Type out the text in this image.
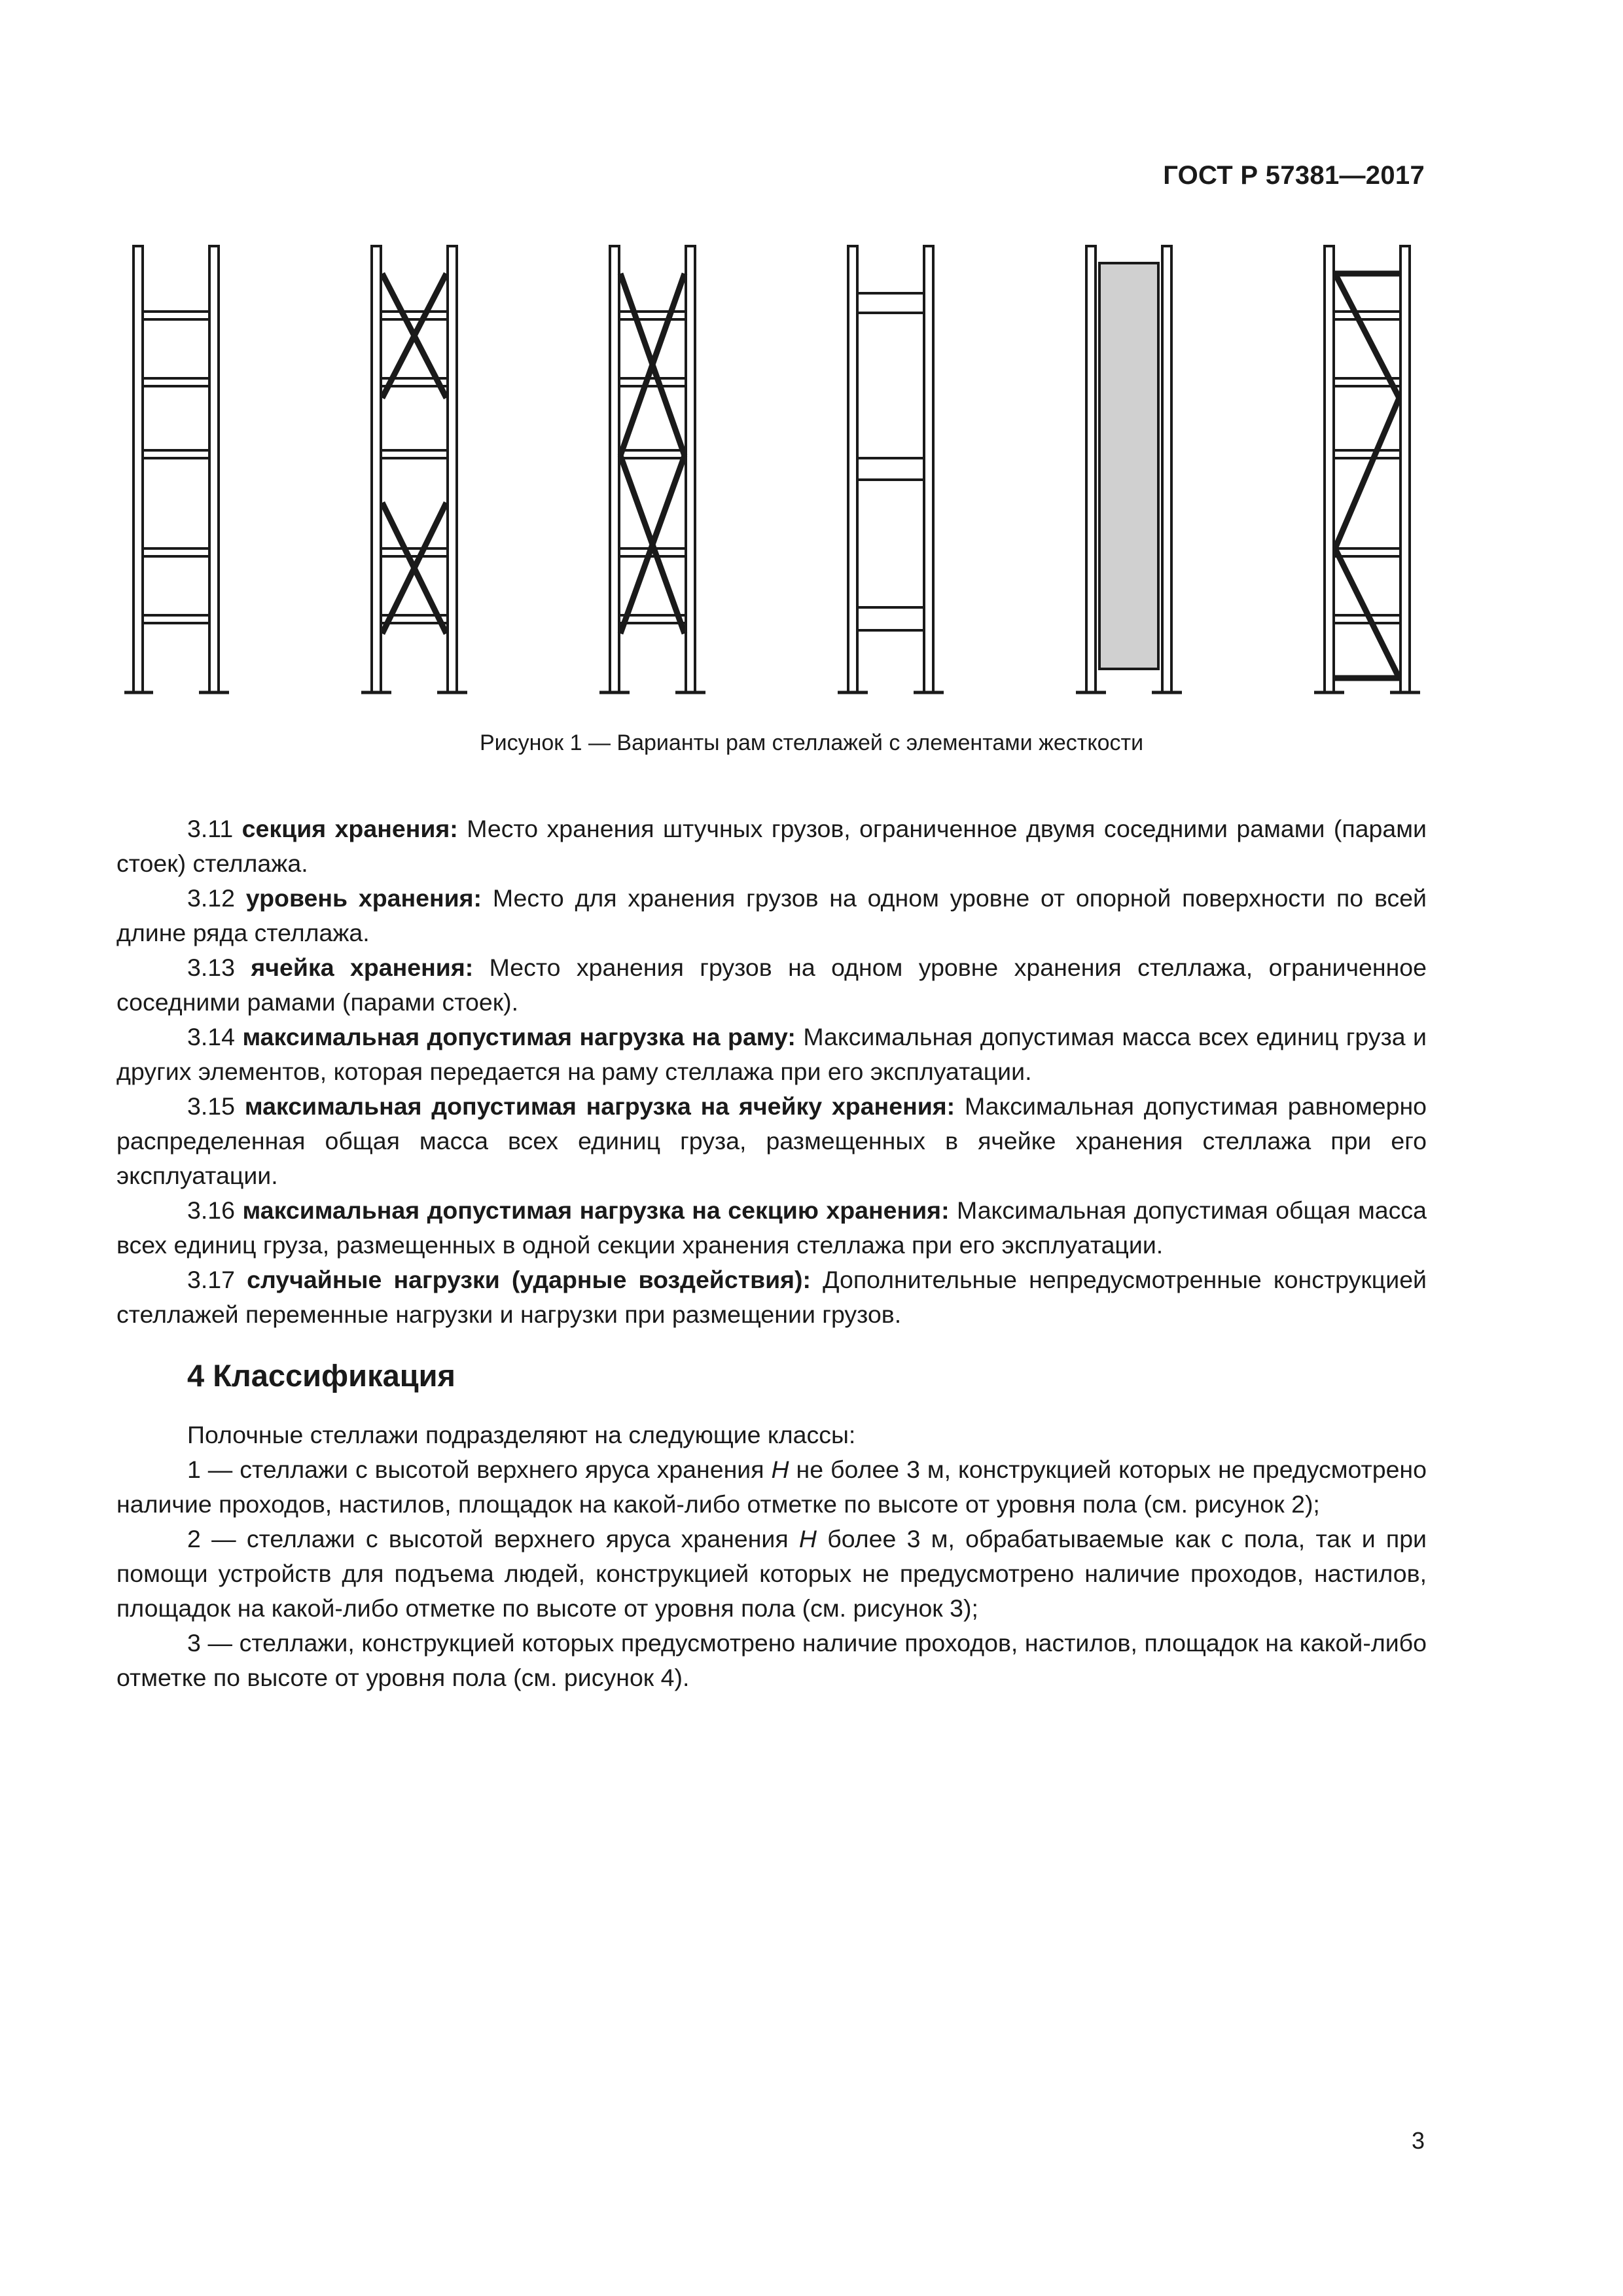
ГОСТ Р 57381—2017
Рисунок 1 — Варианты рам стеллажей с элементами жесткости

3.11 секция хранения: Место хранения штучных грузов, ограниченное двумя соседними рамами (парами стоек) стеллажа.

3.12 уровень хранения: Место для хранения грузов на одном уровне от опорной поверхности по всей длине ряда стеллажа.

3.13 ячейка хранения: Место хранения грузов на одном уровне хранения стеллажа, ограниченное соседними рамами (парами стоек).

3.14 максимальная допустимая нагрузка на раму: Максимальная допустимая масса всех единиц груза и других элементов, которая передается на раму стеллажа при его эксплуатации.

3.15 максимальная допустимая нагрузка на ячейку хранения: Максимальная допустимая равномерно распределенная общая масса всех единиц груза, размещенных в ячейке хранения стеллажа при его эксплуатации.

3.16 максимальная допустимая нагрузка на секцию хранения: Максимальная допустимая общая масса всех единиц груза, размещенных в одной секции хранения стеллажа при его эксплуатации.

3.17 случайные нагрузки (ударные воздействия): Дополнительные непредусмотренные конструкцией стеллажей переменные нагрузки и нагрузки при размещении грузов.

4 Классификация

Полочные стеллажи подразделяют на следующие классы:

1 — стеллажи с высотой верхнего яруса хранения H не более 3 м, конструкцией которых не предусмотрено наличие проходов, настилов, площадок на какой-либо отметке по высоте от уровня пола (см. рисунок 2);

2 — стеллажи с высотой верхнего яруса хранения H более 3 м, обрабатываемые как с пола, так и при помощи устройств для подъема людей, конструкцией которых не предусмотрено наличие проходов, настилов, площадок на какой-либо отметке по высоте от уровня пола (см. рисунок 3);

3 — стеллажи, конструкцией которых предусмотрено наличие проходов, настилов, площадок на какой-либо отметке по высоте от уровня пола (см. рисунок 4).

3
